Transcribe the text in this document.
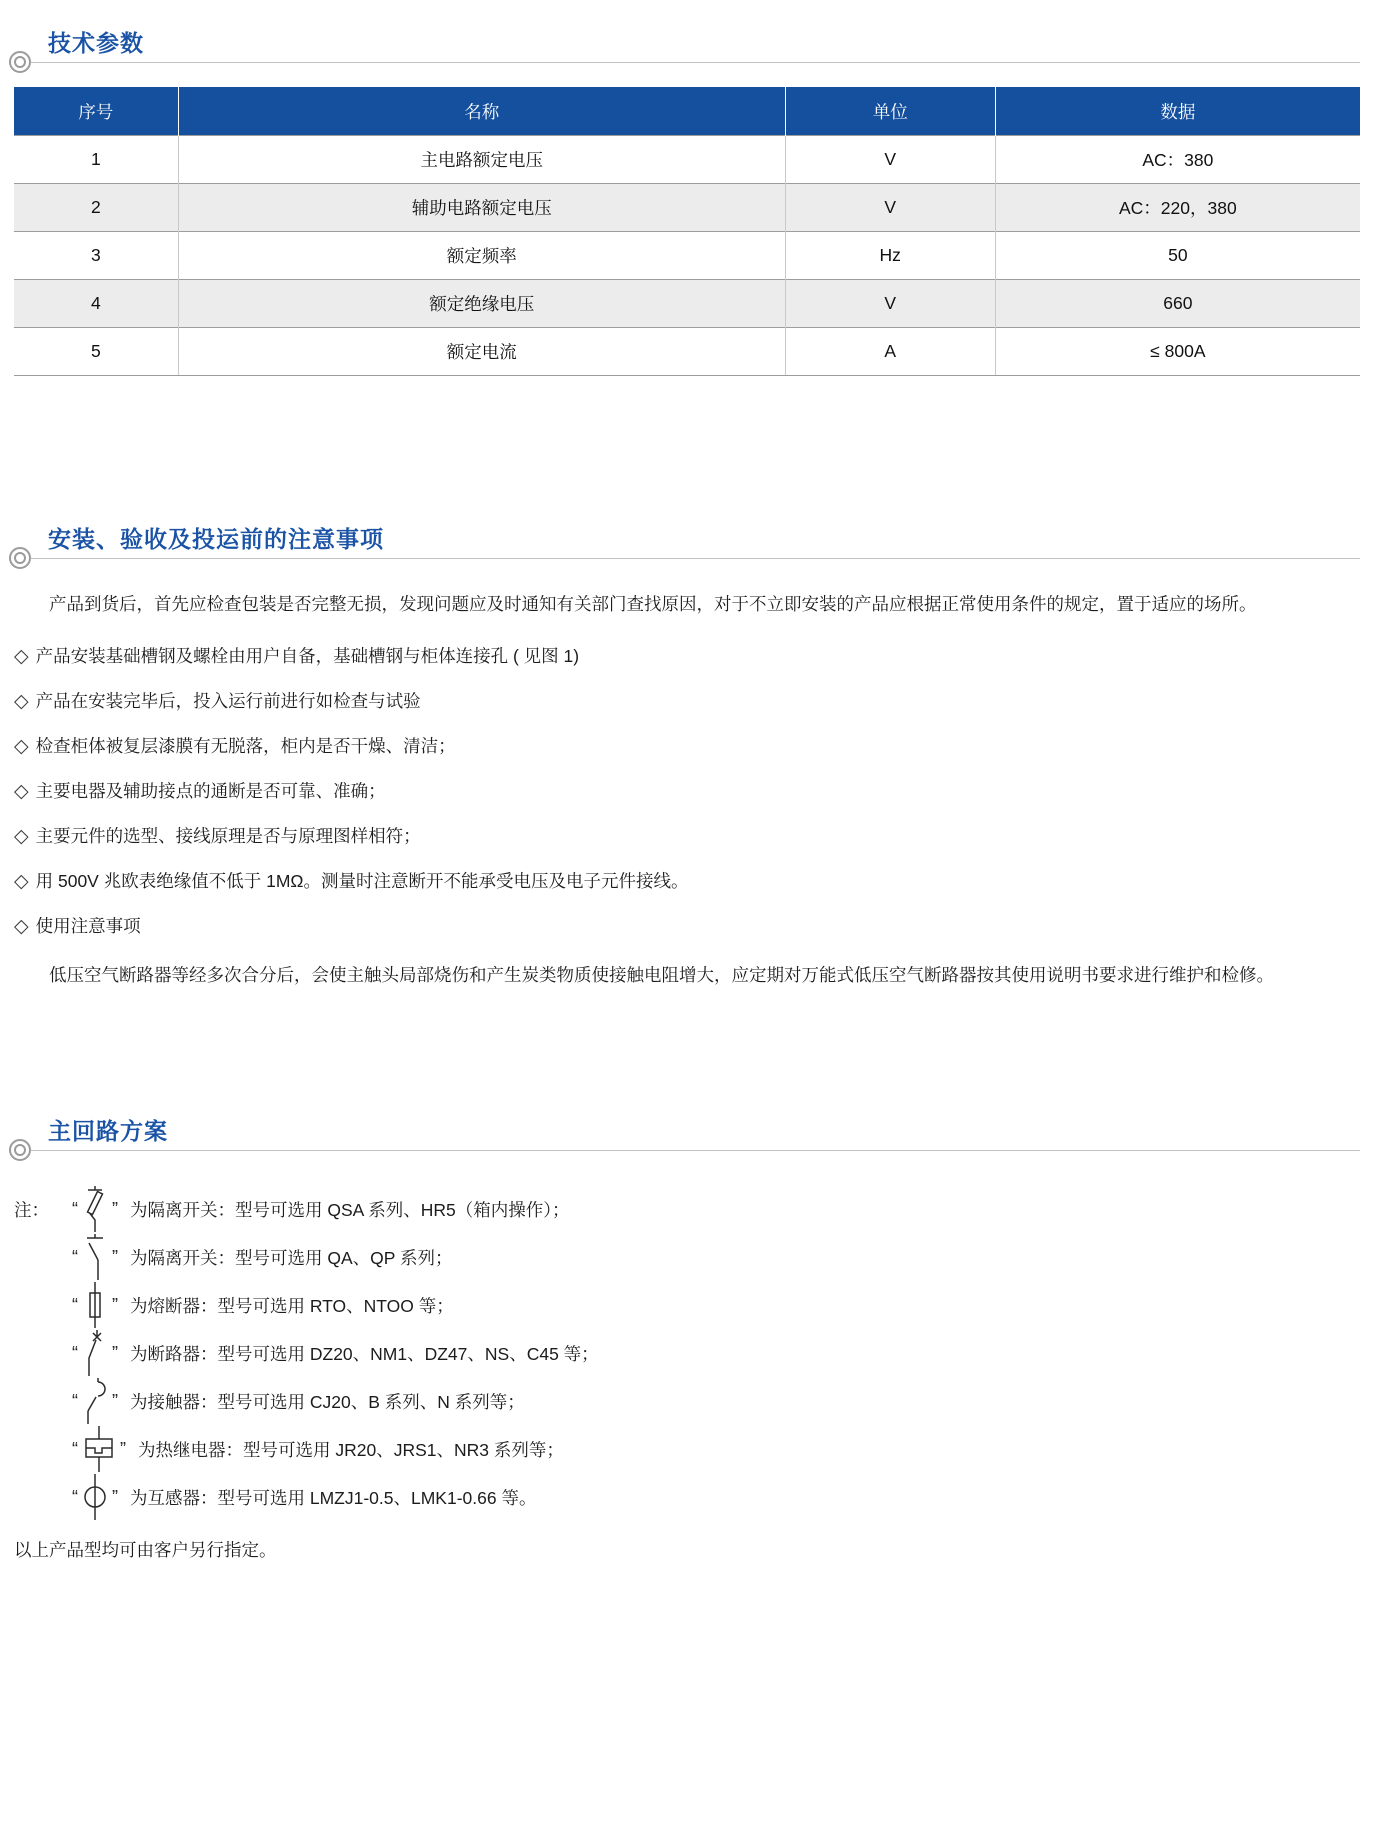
技术参数
序号	名称	单位	数据
1	主电路额定电压	V	AC：380
2	辅助电路额定电压	V	AC：220，380
3	额定频率	Hz	50
4	额定绝缘电压	V	660
5	额定电流	A	≤ 800A
安装、验收及投运前的注意事项

产品到货后，首先应检查包装是否完整无损，发现问题应及时通知有关部门查找原因，对于不立即安装的产品应根据正常使用条件的规定，置于适应的场所。

◇ 产品安装基础槽钢及螺栓由用户自备，基础槽钢与柜体连接孔 ( 见图 1)
◇ 产品在安装完毕后，投入运行前进行如检查与试验
◇ 检查柜体被复层漆膜有无脱落，柜内是否干燥、清洁；
◇ 主要电器及辅助接点的通断是否可靠、准确；
◇ 主要元件的选型、接线原理是否与原理图样相符；
◇ 用 500V 兆欧表绝缘值不低于 1MΩ。测量时注意断开不能承受电压及电子元件接线。
◇ 使用注意事项

低压空气断路器等经多次合分后，会使主触头局部烧伤和产生炭类物质使接触电阻增大，应定期对万能式低压空气断路器按其使用说明书要求进行维护和检修。

主回路方案
注：	“ ” 为隔离开关：型号可选用 QSA 系列、HR5（箱内操作）；
“ ” 为隔离开关：型号可选用 QA、QP 系列；
“ ” 为熔断器：型号可选用 RTO、NTOO 等；
“ ” 为断路器：型号可选用 DZ20、NM1、DZ47、NS、C45 等；
“ ” 为接触器：型号可选用 CJ20、B 系列、N 系列等；
“ ” 为热继电器：型号可选用 JR20、JRS1、NR3 系列等；
“ ” 为互感器：型号可选用 LMZJ1-0.5、LMK1-0.66 等。

以上产品型均可由客户另行指定。
